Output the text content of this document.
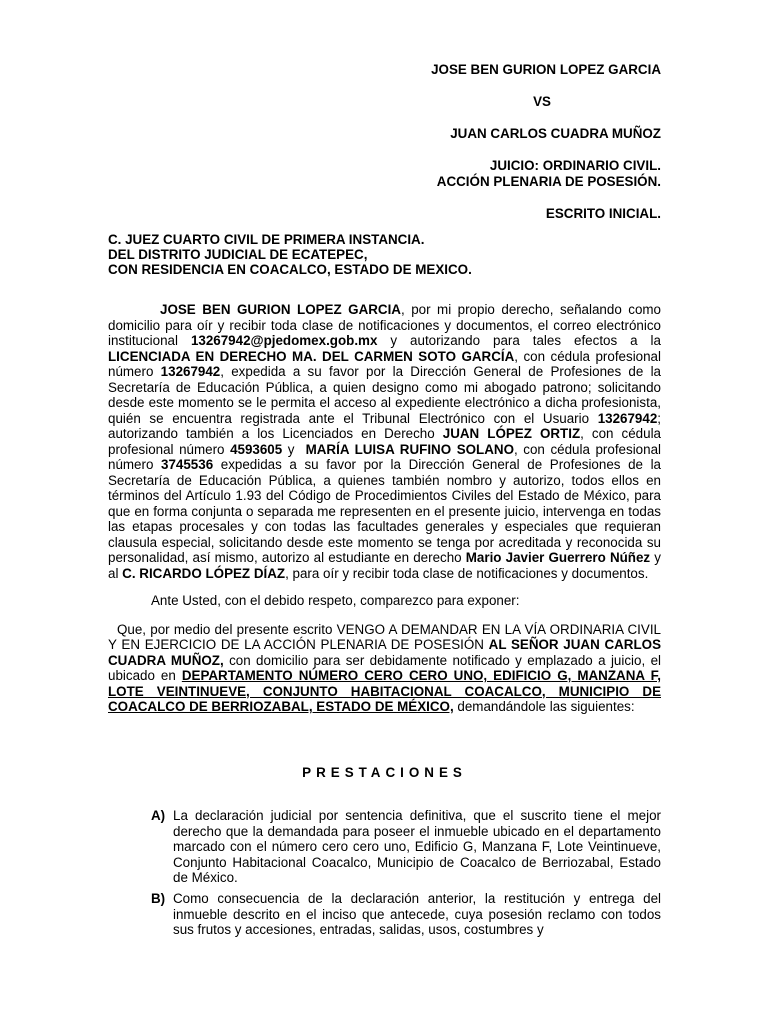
JOSE BEN GURION LOPEZ GARCIA
VS
JUAN CARLOS CUADRA MUÑOZ
JUICIO: ORDINARIO CIVIL.
ACCIÓN PLENARIA DE POSESIÓN.
ESCRITO INICIAL.
C. JUEZ CUARTO CIVIL DE PRIMERA INSTANCIA.
DEL DISTRITO JUDICIAL DE ECATEPEC,
CON RESIDENCIA EN COACALCO, ESTADO DE MEXICO.

JOSE BEN GURION LOPEZ GARCIA, por mi propio derecho, señalando como domicilio para oír y recibir toda clase de notificaciones y documentos, el correo electrónico institucional 13267942@pjedomex.gob.mx y autorizando para tales efectos a la LICENCIADA EN DERECHO MA. DEL CARMEN SOTO GARCÍA, con cédula profesional número 13267942, expedida a su favor por la Dirección General de Profesiones de la Secretaría de Educación Pública, a quien designo como mi abogado patrono; solicitando desde este momento se le permita el acceso al expediente electrónico a dicha profesionista, quién se encuentra registrada ante el Tribunal Electrónico con el Usuario 13267942; autorizando también a los Licenciados en Derecho JUAN LÓPEZ ORTIZ, con cédula profesional número 4593605 y  MARÍA LUISA RUFINO SOLANO, con cédula profesional número 3745536 expedidas a su favor por la Dirección General de Profesiones de la Secretaría de Educación Pública, a quienes también nombro y autorizo, todos ellos en términos del Artículo 1.93 del Código de Procedimientos Civiles del Estado de México, para que en forma conjunta o separada me representen en el presente juicio, intervenga en todas las etapas procesales y con todas las facultades generales y especiales que requieran clausula especial, solicitando desde este momento se tenga por acreditada y reconocida su personalidad, así mismo, autorizo al estudiante en derecho Mario Javier Guerrero Núñez y al C. RICARDO LÓPEZ DÍAZ, para oír y recibir toda clase de notificaciones y documentos.

Ante Usted, con el debido respeto, comparezco para exponer:

Que, por medio del presente escrito VENGO A DEMANDAR EN LA VÍA ORDINARIA CIVIL Y EN EJERCICIO DE LA ACCIÓN PLENARIA DE POSESIÓN AL SEÑOR JUAN CARLOS CUADRA MUÑOZ, con domicilio para ser debidamente notificado y emplazado a juicio, el ubicado en DEPARTAMENTO NÚMERO CERO CERO UNO, EDIFICIO G, MANZANA F, LOTE VEINTINUEVE, CONJUNTO HABITACIONAL COACALCO, MUNICIPIO DE COACALCO DE BERRIOZABAL, ESTADO DE MÉXICO, demandándole las siguientes:

PRESTACIONES
A) La declaración judicial por sentencia definitiva, que el suscrito tiene el mejor derecho que la demandada para poseer el inmueble ubicado en el departamento marcado con el número cero cero uno, Edificio G, Manzana F, Lote Veintinueve, Conjunto Habitacional Coacalco, Municipio de Coacalco de Berriozabal, Estado de México.
B) Como consecuencia de la declaración anterior, la restitución y entrega del inmueble descrito en el inciso que antecede, cuya posesión reclamo con todos sus frutos y accesiones, entradas, salidas, usos, costumbres y
